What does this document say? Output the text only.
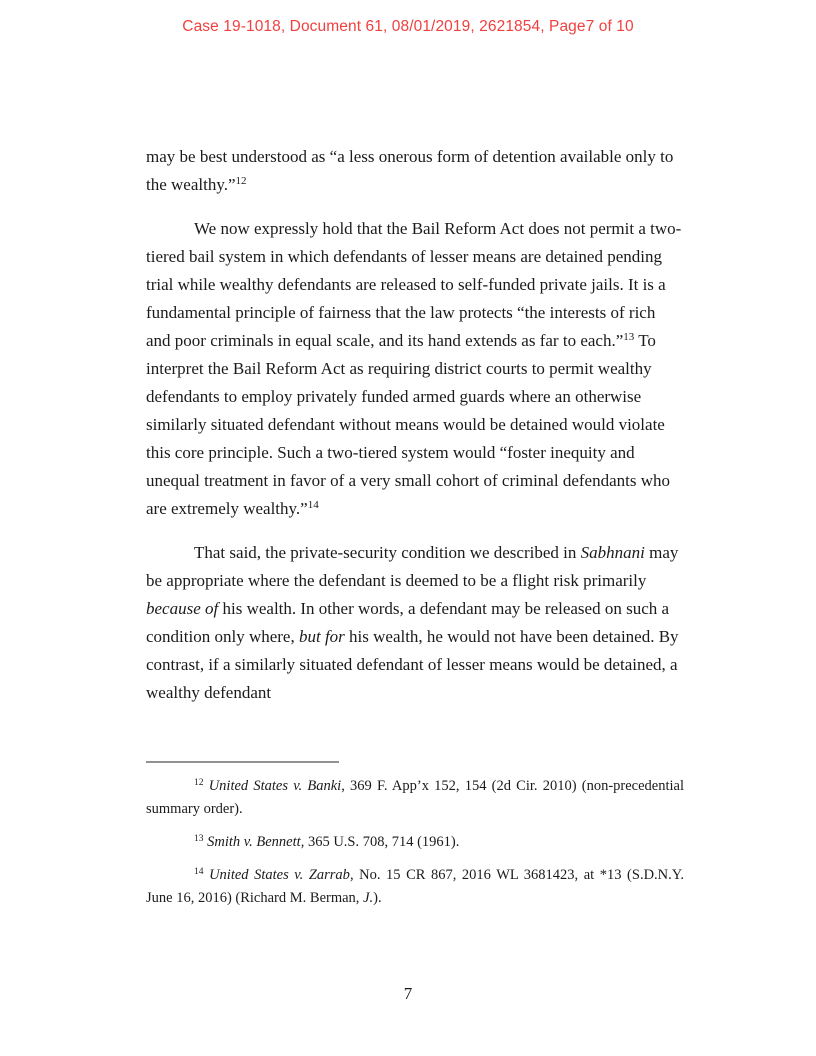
Case 19-1018, Document 61, 08/01/2019, 2621854, Page7 of 10

may be best understood as “a less onerous form of detention available only to the wealthy.”$^{12}$

We now expressly hold that the Bail Reform Act does not permit a two-tiered bail system in which defendants of lesser means are detained pending trial while wealthy defendants are released to self-funded private jails. It is a fundamental principle of fairness that the law protects “the interests of rich and poor criminals in equal scale, and its hand extends as far to each.”$^{13}$ To interpret the Bail Reform Act as requiring district courts to permit wealthy defendants to employ privately funded armed guards where an otherwise similarly situated defendant without means would be detained would violate this core principle. Such a two-tiered system would “foster inequity and unequal treatment in favor of a very small cohort of criminal defendants who are extremely wealthy.”$^{14}$

That said, the private-security condition we described in Sabhnani may be appropriate where the defendant is deemed to be a flight risk primarily because of his wealth. In other words, a defendant may be released on such a condition only where, but for his wealth, he would not have been detained. By contrast, if a similarly situated defendant of lesser means would be detained, a wealthy defendant

$^{12}$ United States v. Banki, 369 F. App’x 152, 154 (2d Cir. 2010) (non-precedential summary order).

$^{13}$ Smith v. Bennett, 365 U.S. 708, 714 (1961).

$^{14}$ United States v. Zarrab, No. 15 CR 867, 2016 WL 3681423, at *13 (S.D.N.Y. June 16, 2016) (Richard M. Berman, J.).

7
